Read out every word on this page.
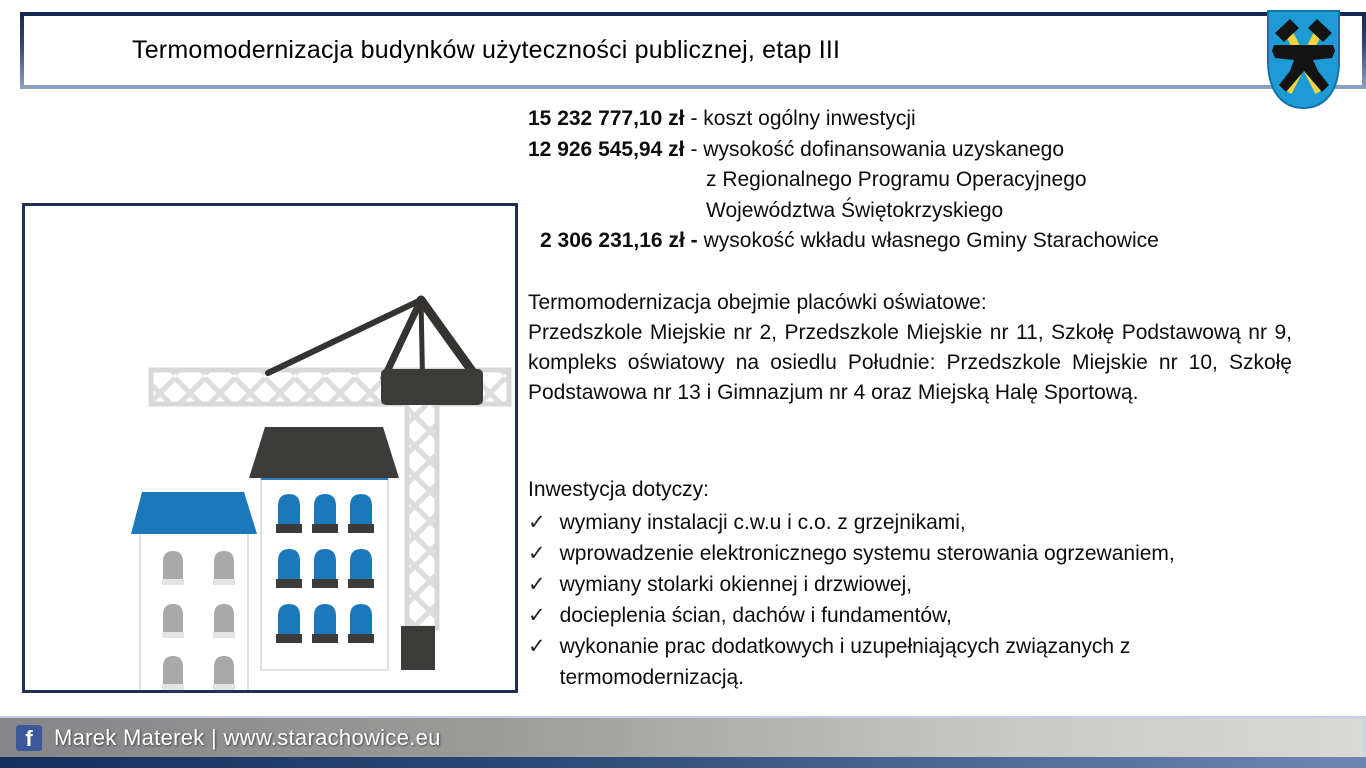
Termomodernizacja budynków użyteczności publicznej, etap III
15 232 777,10 zł - koszt ogólny inwestycji
12 926 545,94 zł - wysokość dofinansowania uzyskanego
z Regionalnego Programu Operacyjnego
Województwa Świętokrzyskiego
2 306 231,16 zł - wysokość wkładu własnego Gminy Starachowice
Termomodernizacja obejmie placówki oświatowe:
Przedszkole Miejskie nr 2, Przedszkole Miejskie nr 11, Szkołę Podstawową nr 9, kompleks oświatowy na osiedlu Południe: Przedszkole Miejskie nr 10, Szkołę Podstawowa nr 13 i Gimnazjum nr 4 oraz Miejską Halę Sportową.
Inwestycja dotyczy:
✓ wymiany instalacji c.w.u i c.o. z grzejnikami,
✓ wprowadzenie elektronicznego systemu sterowania ogrzewaniem,
✓ wymiany stolarki okiennej i drzwiowej,
✓ docieplenia ścian, dachów i fundamentów,
✓ wykonanie prac dodatkowych i uzupełniających związanych z termomodernizacją.
f Marek Materek | www.starachowice.eu
